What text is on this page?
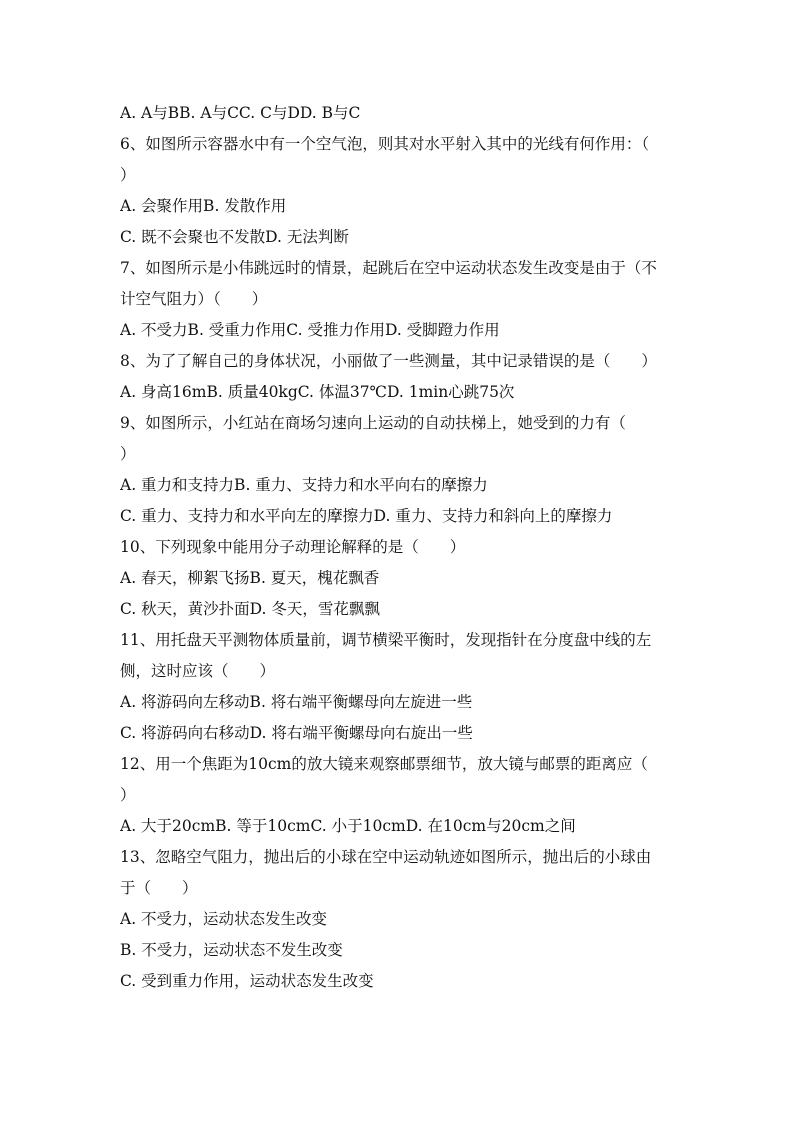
A. A与BB. A与CC. C与DD. B与C
6、如图所示容器水中有一个空气泡，则其对水平射入其中的光线有何作用：（
）
A. 会聚作用B. 发散作用
C. 既不会聚也不发散D. 无法判断
7、如图所示是小伟跳远时的情景，起跳后在空中运动状态发生改变是由于（不
计空气阻力）（　　）
A. 不受力B. 受重力作用C. 受推力作用D. 受脚蹬力作用
8、为了了解自己的身体状况，小丽做了一些测量，其中记录错误的是（　　）
A. 身高16mB. 质量40kgC. 体温37℃D. 1min心跳75次
9、如图所示，小红站在商场匀速向上运动的自动扶梯上，她受到的力有（
）
A. 重力和支持力B. 重力、支持力和水平向右的摩擦力
C. 重力、支持力和水平向左的摩擦力D. 重力、支持力和斜向上的摩擦力
10、下列现象中能用分子动理论解释的是（　　）
A. 春天，柳絮飞扬B. 夏天，槐花飘香
C. 秋天，黄沙扑面D. 冬天，雪花飘飘
11、用托盘天平测物体质量前，调节横梁平衡时，发现指针在分度盘中线的左
侧，这时应该（　　）
A. 将游码向左移动B. 将右端平衡螺母向左旋进一些
C. 将游码向右移动D. 将右端平衡螺母向右旋出一些
12、用一个焦距为10cm的放大镜来观察邮票细节，放大镜与邮票的距离应（
）
A. 大于20cmB. 等于10cmC. 小于10cmD. 在10cm与20cm之间
13、忽略空气阻力，抛出后的小球在空中运动轨迹如图所示，抛出后的小球由
于（　　）
A. 不受力，运动状态发生改变
B. 不受力，运动状态不发生改变
C. 受到重力作用，运动状态发生改变
